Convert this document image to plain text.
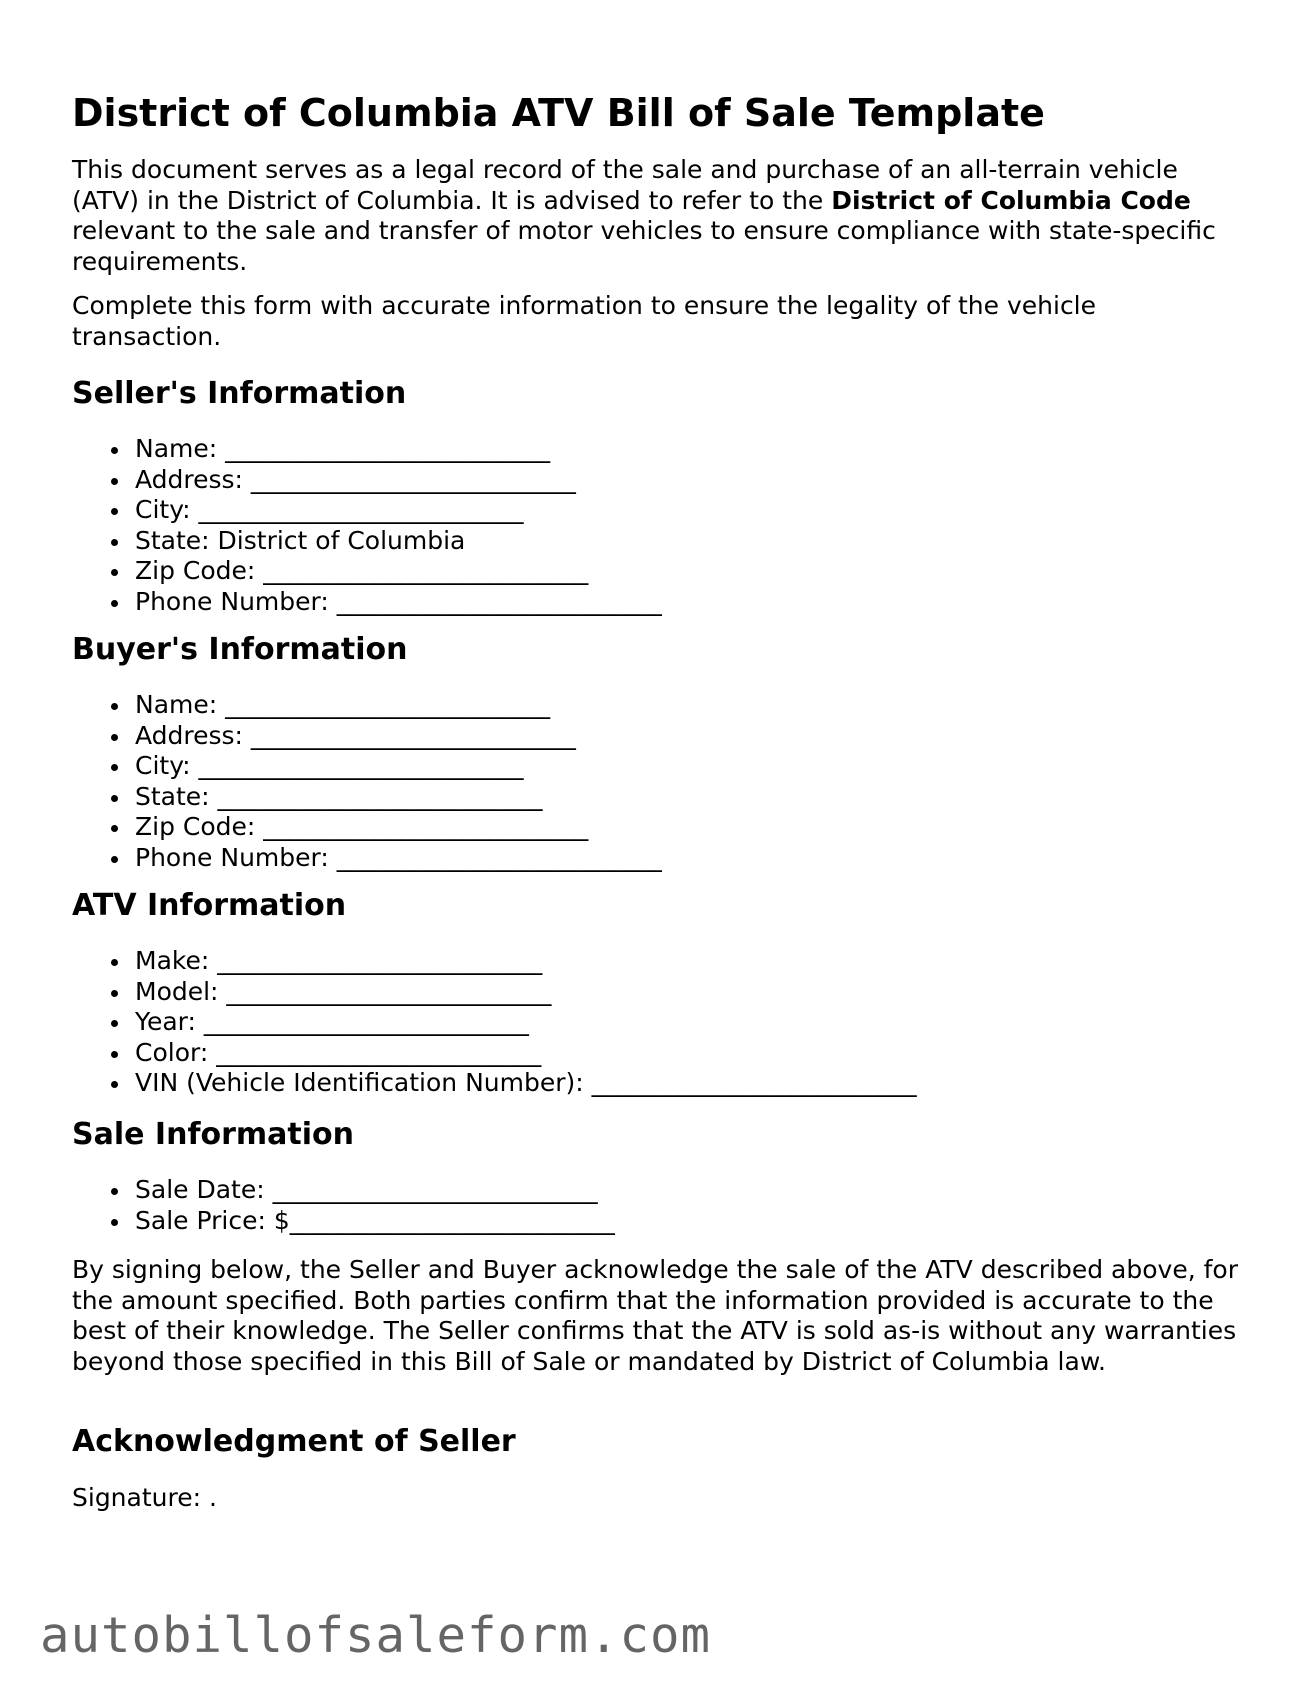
District of Columbia ATV Bill of Sale Template

This document serves as a legal record of the sale and purchase of an all-terrain vehicle (ATV) in the District of Columbia. It is advised to refer to the District of Columbia Code relevant to the sale and transfer of motor vehicles to ensure compliance with state-specific requirements.

Complete this form with accurate information to ensure the legality of the vehicle transaction.

Seller's Information
Name: __________________________
Address: __________________________
City: __________________________
State: District of Columbia
Zip Code: __________________________
Phone Number: __________________________
Buyer's Information
Name: __________________________
Address: __________________________
City: __________________________
State: __________________________
Zip Code: __________________________
Phone Number: __________________________
ATV Information
Make: __________________________
Model: __________________________
Year: __________________________
Color: __________________________
VIN (Vehicle Identification Number): __________________________
Sale Information
Sale Date: __________________________
Sale Price: $__________________________

By signing below, the Seller and Buyer acknowledge the sale of the ATV described above, for the amount specified. Both parties confirm that the information provided is accurate to the best of their knowledge. The Seller confirms that the ATV is sold as-is without any warranties beyond those specified in this Bill of Sale or mandated by District of Columbia law.

Acknowledgment of Seller
Signature: .
autobillofsaleform.com
